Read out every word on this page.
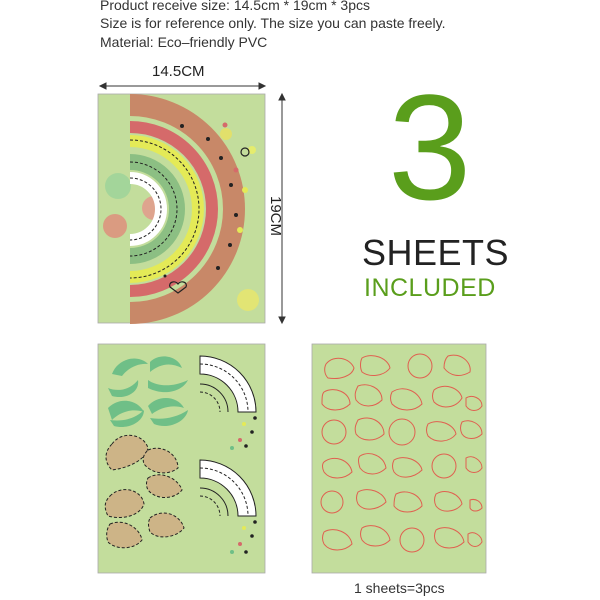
Product receive size: 14.5cm * 19cm * 3pcs
Size is for reference only. The size you can paste freely.
Material: Eco–friendly PVC
14.5CM
19CM 3
SHEETS
INCLUDED
1 sheets=3pcs
